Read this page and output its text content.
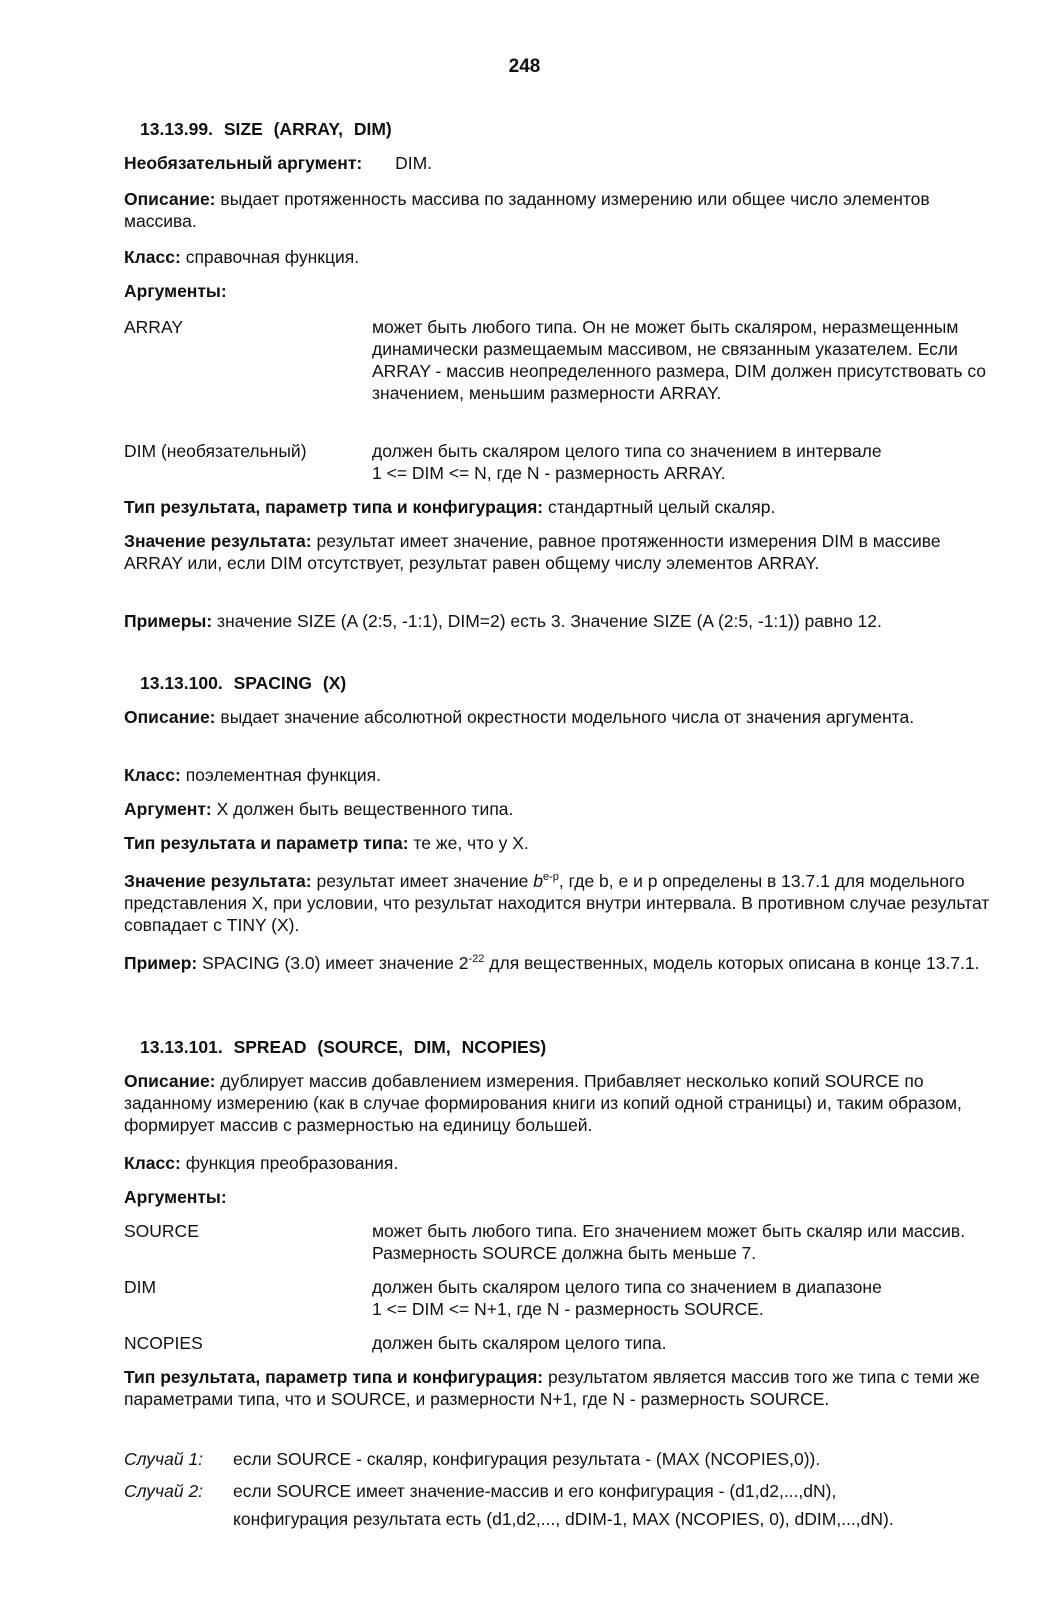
248
13.13.99. SIZE (ARRAY, DIM)
Необязательный аргумент: DIM.
Описание: выдает протяженность массива по заданному измерению или общее число элементов массива.
Класс: справочная функция.
Аргументы:
ARRAY	может быть любого типа. Он не может быть скаляром, неразмещенным динамически размещаемым массивом, не связанным указателем. Если ARRAY - массив неопределенного размера, DIM должен присутствовать со значением, меньшим размерности ARRAY.
DIM (необязательный)	должен быть скаляром целого типа со значением в интервале
1 <= DIM <= N, где N - размерность ARRAY.
Тип результата, параметр типа и конфигурация: стандартный целый скаляр.
Значение результата: результат имеет значение, равное протяженности измерения DIM в массиве ARRAY или, если DIM отсутствует, результат равен общему числу элементов ARRAY.
Примеры: значение SIZE (A (2:5, -1:1), DIM=2) есть 3. Значение SIZE (A (2:5, -1:1)) равно 12.
13.13.100. SPACING (X)
Описание: выдает значение абсолютной окрестности модельного числа от значения аргумента.
Класс: поэлементная функция.
Аргумент: X должен быть вещественного типа.
Тип результата и параметр типа: те же, что у X.
Значение результата: результат имеет значение $b^{e-p}$, где b, e и p определены в 13.7.1 для модельного представления X, при условии, что результат находится внутри интервала. В противном случае результат совпадает с TINY (X).
Пример: SPACING (3.0) имеет значение $2^{-22}$ для вещественных, модель которых описана в конце 13.7.1.
13.13.101. SPREAD (SOURCE, DIM, NCOPIES)
Описание: дублирует массив добавлением измерения. Прибавляет несколько копий SOURCE по заданному измерению (как в случае формирования книги из копий одной страницы) и, таким образом, формирует массив с размерностью на единицу большей.
Класс: функция преобразования.
Аргументы:
SOURCE	может быть любого типа. Его значением может быть скаляр или массив. Размерность SOURCE должна быть меньше 7.
DIM	должен быть скаляром целого типа со значением в диапазоне
1 <= DIM <= N+1, где N - размерность SOURCE.
NCOPIES	должен быть скаляром целого типа.
Тип результата, параметр типа и конфигурация: результатом является массив того же типа с теми же параметрами типа, что и SOURCE, и размерности N+1, где N - размерность SOURCE.
Случай 1: если SOURCE - скаляр, конфигурация результата - (MAX (NCOPIES,0)).
Случай 2: если SOURCE имеет значение-массив и его конфигурация - (d1,d2,...,dN),
конфигурация результата есть (d1,d2,..., dDIM-1, MAX (NCOPIES, 0), dDIM,...,dN).
